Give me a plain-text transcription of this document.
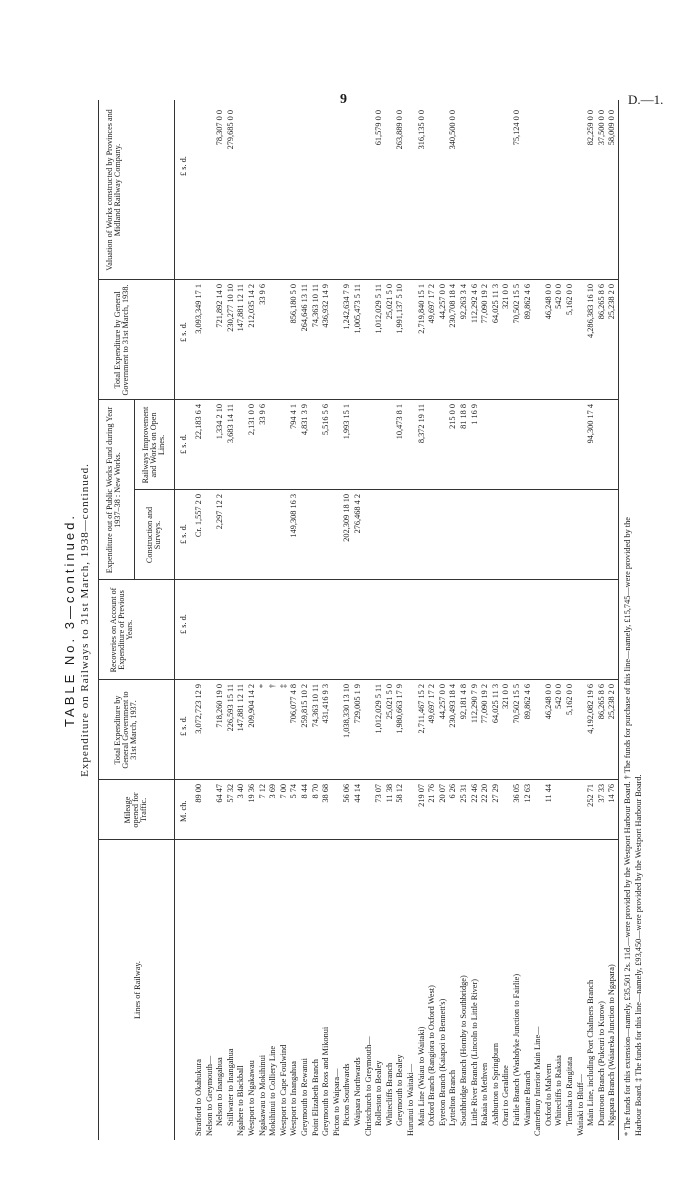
9	D.—1.
TABLE No. 3—continued. Expenditure on Railways to 31st March, 1938—continued.
Lines of Railway.
Mileage opened for Traffic.
Total Expenditure by General Government to 31st March, 1937.
Recoveries on Account of Expenditure of Previous Years.
Expenditure out of Public Works Fund during Year 1937–38 : New Works.
Construction and Surveys.
Railways Improvement and Works on Open Lines.
Total Expenditure by General Government to 31st March, 1938.
Valuation of Works constructed by Provinces and Midland Railway Company.
M. ch.
£ s. d.
£ s. d.
£ s. d.
£ s. d.
£ s. d.
£ s. d.
Stratford to Okahukura
89 00
3,072,723 12 9
Cr. 1,557 2 0
22,183 6 4
3,093,349 17 1
Nelson to Greymouth— Nelson to Inangahua
64 47
718,260 19 0
2,297 12 2
1,334 2 10
721,892 14 0
78,307 0 0
Stillwater to Inangahua
57 32
226,593 15 11
3,683 14 11
230,277 10 10
279,685 0 0
Ngahere to Blackball
3 40
147,881 12 11
147,881 12 11
Westport to Ngakawau
19 36
209,904 14 2
2,131 0 0
212,035 14 2
Ngakawau to Mokihinui
7 12
*
33 9 6
33 9 6
Mokihinui to Colliery Line
3 69
†
Westport to Cape Foulwind
7 00
‡
Westport to Inangahua
5 74
706,077 4 8
149,308 16 3
794 4 1
856,180 5 0
Greymouth to Rewanui
8 44
259,815 10 2
4,831 3 9
264,646 13 11
Point Elizabeth Branch
8 70
74,363 10 11
74,363 10 11
Greymouth to Ross and Mikonui
38 68
431,416 9 3
5,516 5 6
436,932 14 9
Picton to Waipara— Picton Southwards
56 06
1,038,330 13 10
202,309 18 10
1,993 15 1
1,242,634 7 9
Waipara Northwards
44 14
729,005 1 9
276,468 4 2
1,005,473 5 11
Christchurch to Greymouth— Rolleston to Bealey
73 07
1,012,029 5 11
1,012,029 5 11
61,579 0 0
Whitecliffs Branch
11 38
25,021 5 0
25,021 5 0
Greymouth to Bealey
58 12
1,980,663 17 9
10,473 8 1
1,991,137 5 10
263,889 0 0
Hurunui to Waitaki— Main Line (Waiau to Waitaki)
219 07
2,711,467 15 2
8,372 19 11
2,719,840 15 1
316,135 0 0
Oxford Branch (Rangiora to Oxford West)
21 76
49,697 17 2
49,697 17 2
Eyreton Branch (Kaiapoi to Bennett's)
20 07
44,257 0 0
44,257 0 0
Lyttelton Branch
6 26
230,493 18 4
215 0 0
230,708 18 4
340,500 0 0
Southbridge Branch (Hornby to Southbridge)
25 31
92,181 4 8
81 18 8
92,263 3 4
Little River Branch (Lincoln to Little River)
22 46
112,290 7 9
1 16 9
112,292 4 6
Rakaia to Methven
22 20
77,090 19 2
77,090 19 2
Ashburton to Springburn
27 29
64,025 11 3
64,025 11 3
Orari to Geraldine
321 0 0
321 0 0
Fairlie Branch (Washdyke Junction to Fairlie)
36 05
70,502 15 5
70,502 15 5
75,124 0 0
Waimate Branch
12 63
89,862 4 6
89,862 4 6
Canterbury Interior Main Line— Oxford to Malvern
11 44
46,248 0 0
46,248 0 0
Whitecliffs to Rakaia
542 0 0
542 0 0
Temuka to Rangitata
5,162 0 0
5,162 0 0
Waitaki to Bluff— Main Line, including Port Chalmers Branch
252 71
4,192,082 19 6
94,300 17 4
4,286,383 16 10
82,259 0 0
Duntroon Branch (Pukeuri to Kurow)
37 33
86,265 8 6
86,265 8 6
37,500 0 0
Ngapara Branch (Waiareka Junction to Ngapara)
14 76
25,238 2 0
25,238 2 0
58,009 0 0
* The funds for this extension—namely, £35,501 2s. 11d.—were provided by the Westport Harbour Board. † The funds for purchase of this line—namely, £15,745—were provided by the Harbour Board. ‡ The funds for this line—namely, £93,450—were provided by the Westport Harbour Board.
